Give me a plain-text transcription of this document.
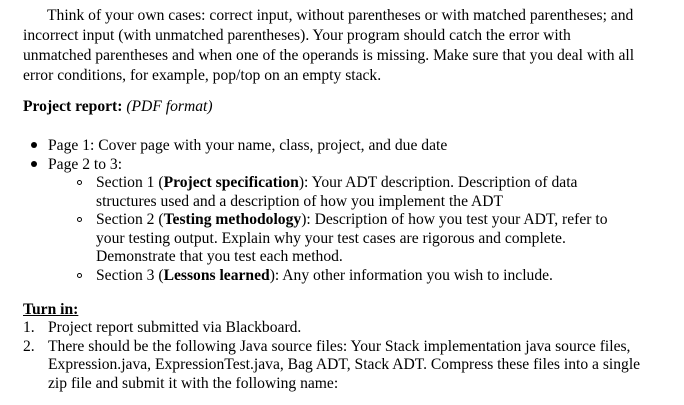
Think of your own cases: correct input, without parentheses or with matched parentheses; and incorrect input (with unmatched parentheses). Your program should catch the error with unmatched parentheses and when one of the operands is missing. Make sure that you deal with all error conditions, for example, pop/top on an empty stack.

Project report: (PDF format)

Page 1: Cover page with your name, class, project, and due date
Page 2 to 3:
Section 1 (Project specification): Your ADT description. Description of data structures used and a description of how you implement the ADT
Section 2 (Testing methodology): Description of how you test your ADT, refer to your testing output. Explain why your test cases are rigorous and complete. Demonstrate that you test each method.
Section 3 (Lessons learned): Any other information you wish to include.

Turn in:

1. Project report submitted via Blackboard.
2. There should be the following Java source files: Your Stack implementation java source files, Expression.java, ExpressionTest.java, Bag ADT, Stack ADT. Compress these files into a single zip file and submit it with the following name:
